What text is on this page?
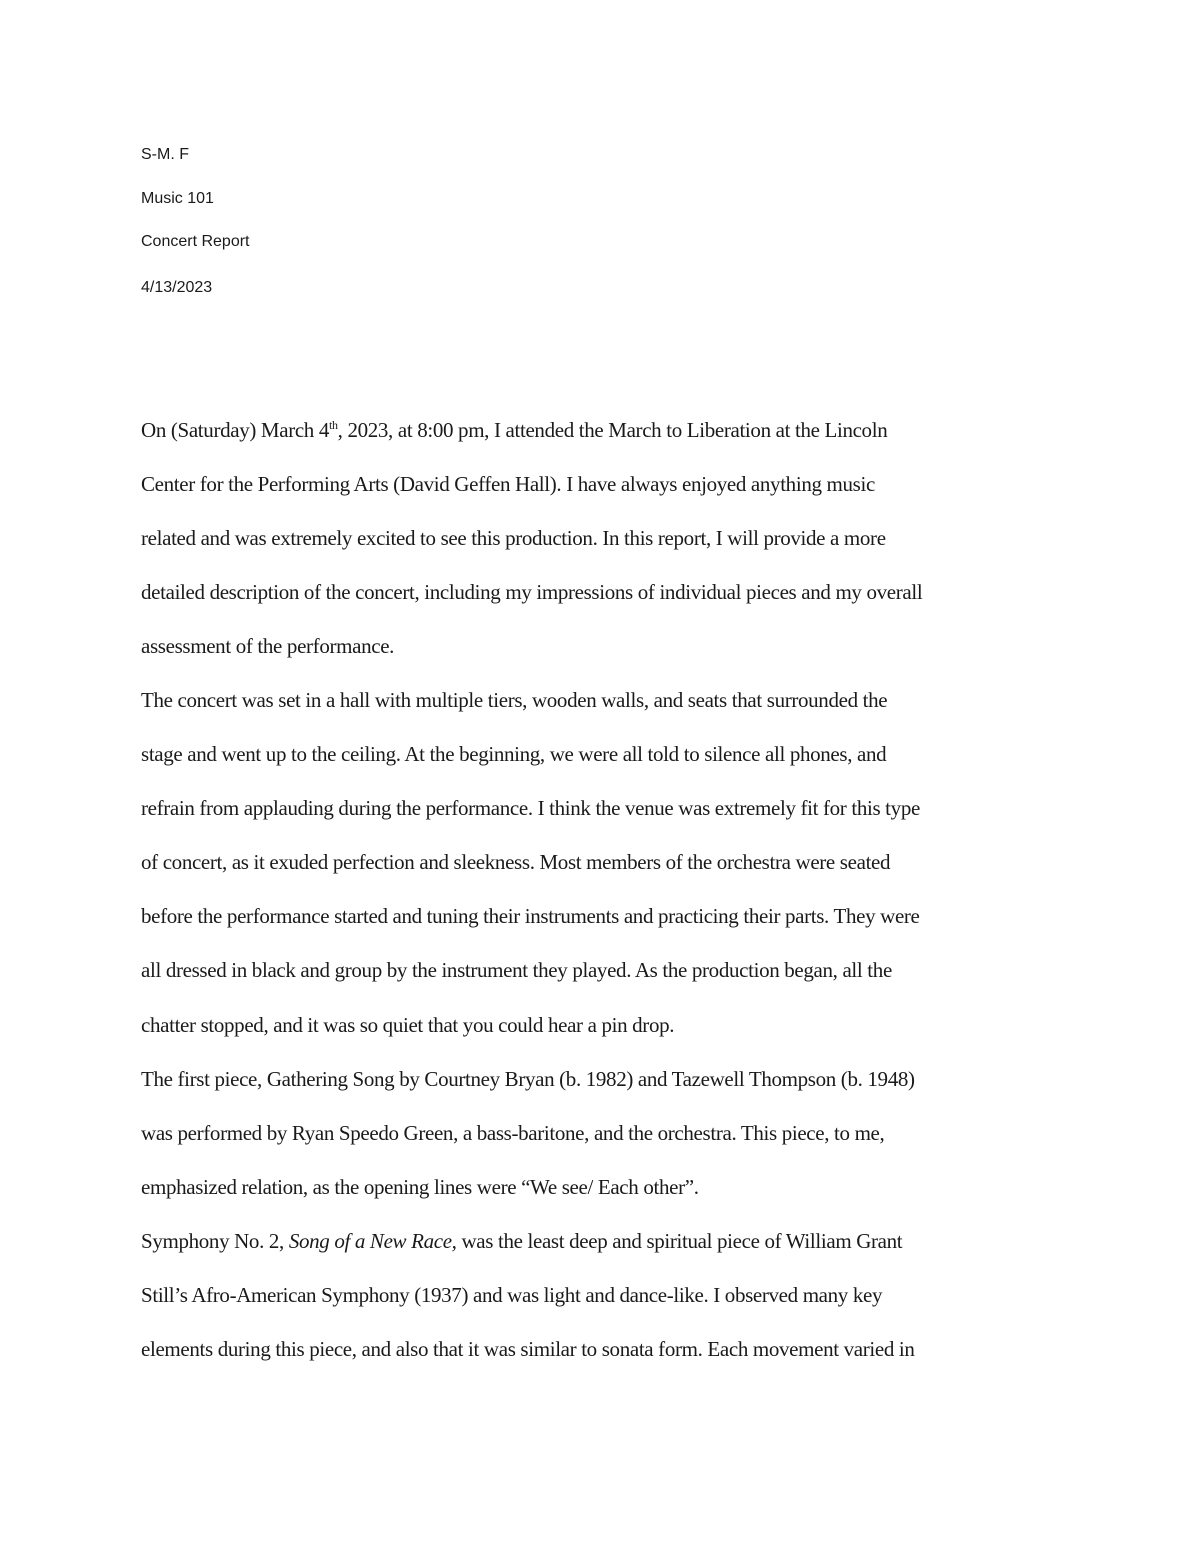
S-M. F
Music 101
Concert Report
4/13/2023
On (Saturday) March 4th, 2023, at 8:00 pm, I attended the March to Liberation at the Lincoln
Center for the Performing Arts (David Geffen Hall). I have always enjoyed anything music
related and was extremely excited to see this production. In this report, I will provide a more
detailed description of the concert, including my impressions of individual pieces and my overall
assessment of the performance.
The concert was set in a hall with multiple tiers, wooden walls, and seats that surrounded the
stage and went up to the ceiling. At the beginning, we were all told to silence all phones, and
refrain from applauding during the performance. I think the venue was extremely fit for this type
of concert, as it exuded perfection and sleekness. Most members of the orchestra were seated
before the performance started and tuning their instruments and practicing their parts. They were
all dressed in black and group by the instrument they played. As the production began, all the
chatter stopped, and it was so quiet that you could hear a pin drop.
The first piece, Gathering Song by Courtney Bryan (b. 1982) and Tazewell Thompson (b. 1948)
was performed by Ryan Speedo Green, a bass-baritone, and the orchestra. This piece, to me,
emphasized relation, as the opening lines were “We see/ Each other”.
Symphony No. 2, Song of a New Race, was the least deep and spiritual piece of William Grant
Still’s Afro-American Symphony (1937) and was light and dance-like. I observed many key
elements during this piece, and also that it was similar to sonata form. Each movement varied in
